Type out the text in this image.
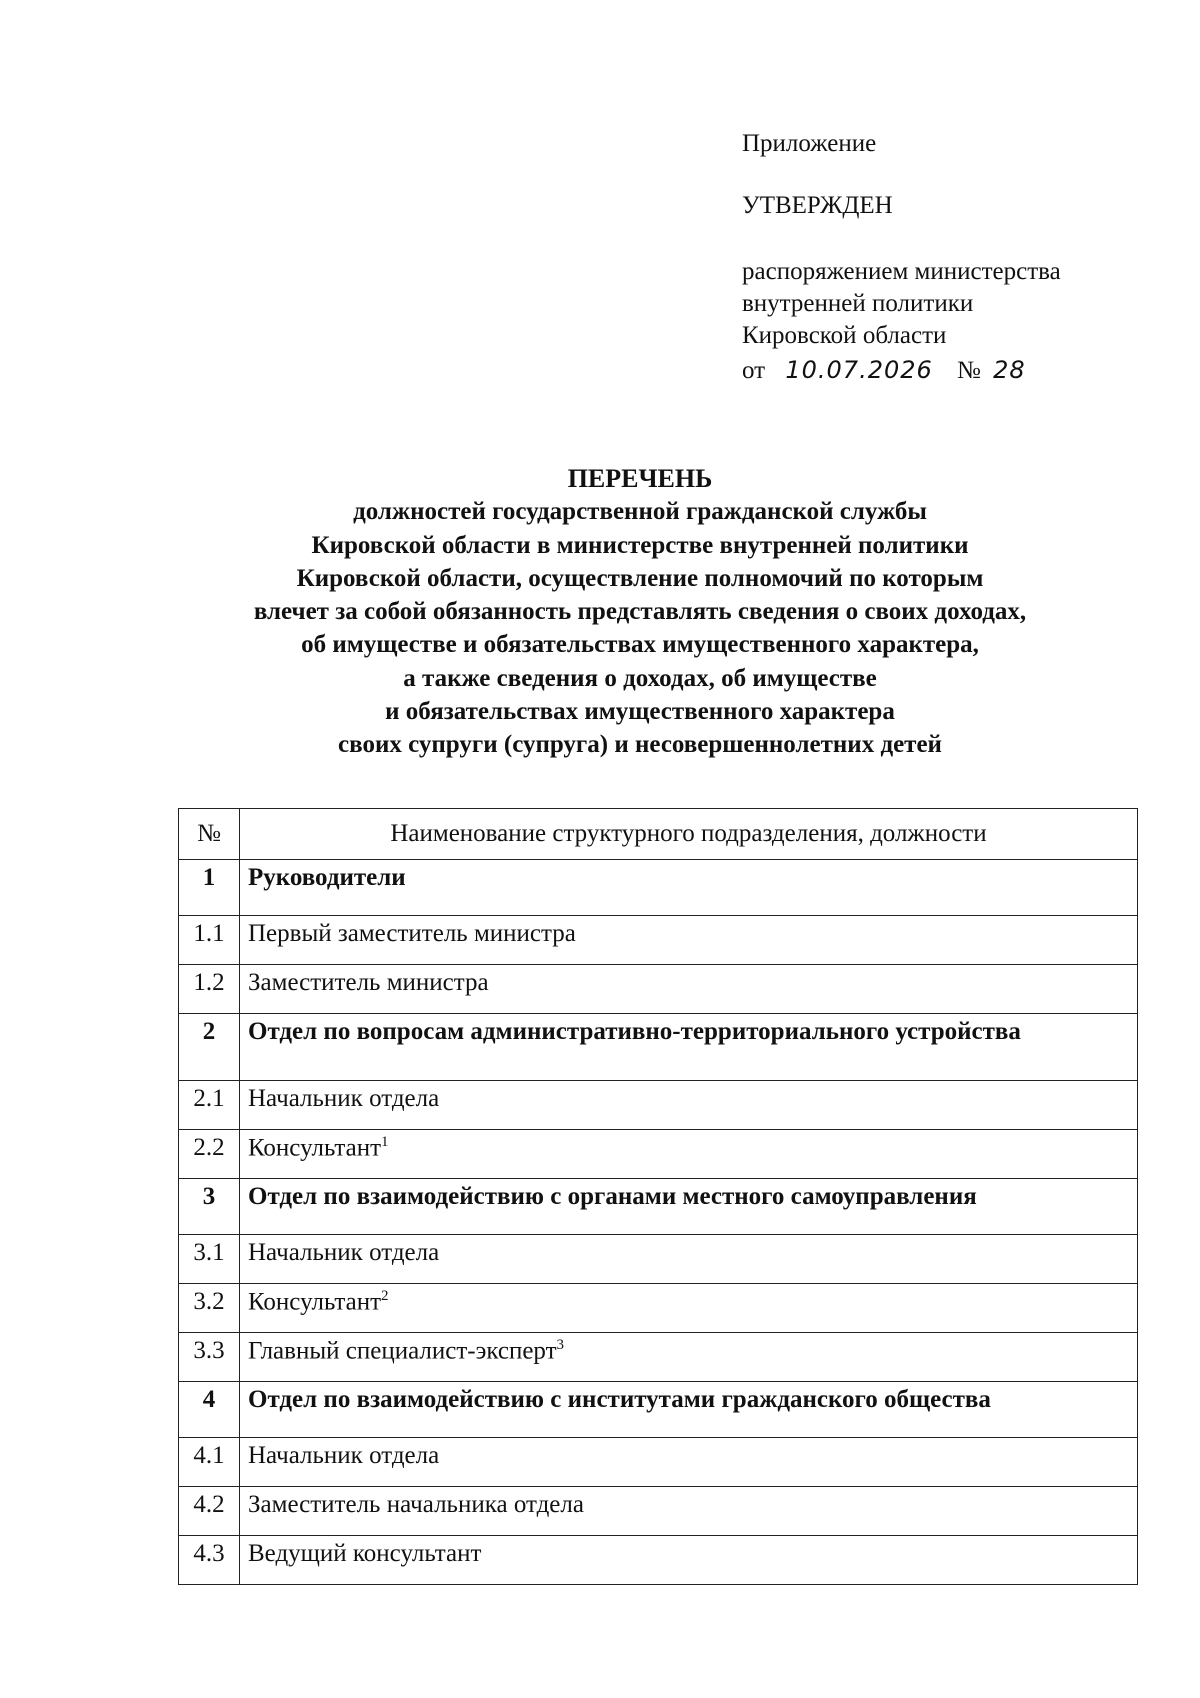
Приложение
УТВЕРЖДЕН
распоряжением министерства
внутренней политики
Кировской области
от 10.07.2026 № 28
ПЕРЕЧЕНЬ
должностей государственной гражданской службы
Кировской области в министерстве внутренней политики
Кировской области, осуществление полномочий по которым
влечет за собой обязанность представлять сведения о своих доходах,
об имуществе и обязательствах имущественного характера,
а также сведения о доходах, об имуществе
и обязательствах имущественного характера
своих супруги (супруга) и несовершеннолетних детей
№	Наименование структурного подразделения, должности
1	Руководители
1.1	Первый заместитель министра
1.2	Заместитель министра
2	Отдел по вопросам административно-территориального устройства
2.1	Начальник отдела
2.2	Консультант$^1$
3	Отдел по взаимодействию с органами местного самоуправления
3.1	Начальник отдела
3.2	Консультант$^2$
3.3	Главный специалист-эксперт$^3$
4	Отдел по взаимодействию с институтами гражданского общества
4.1	Начальник отдела
4.2	Заместитель начальника отдела
4.3	Ведущий консультант
